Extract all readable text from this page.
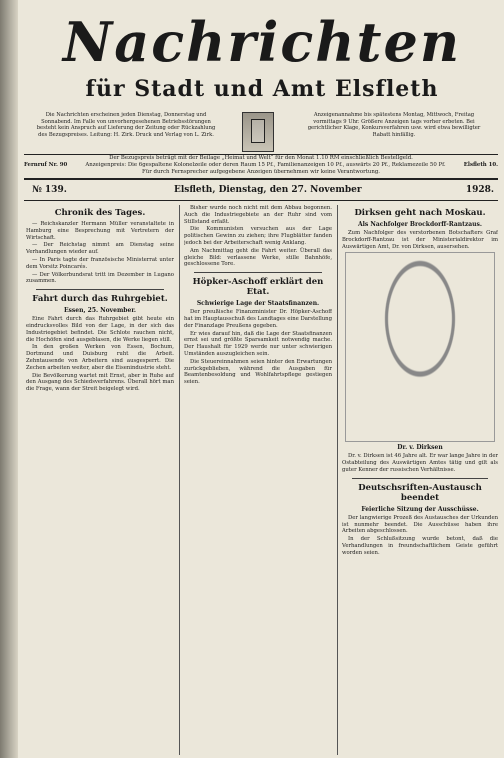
Nachrichten
für Stadt und Amt Elsfleth
Die Nachrichten erscheinen jeden Dienstag, Donnerstag und Sonnabend. Im Falle von unvorhergesehenen Betriebsstörungen besteht kein Anspruch auf Lieferung der Zeitung oder Rückzahlung des Bezugspreises. Leitung: H. Zirk. Druck und Verlag von L. Zirk.
Anzeigenannahme bis spätestens Montag, Mittwoch, Freitag vormittags 9 Uhr. Größere Anzeigen tags vorher erbeten. Bei gerichtlicher Klage, Konkursverfahren usw. wird etwa bewilligter Rabatt hinfällig.
Der Bezugspreis beträgt mit der Beilage „Heimat und Welt“ für den Monat 1.10 RM einschließlich Bestellgeld.
Fernruf Nr. 90	Elsfleth 10.
Anzeigenpreis: Die 6gespaltene Kolonelzeile oder deren Raum 15 Pf., Familienanzeigen 10 Pf., auswärts 20 Pf., Reklamezeile 50 Pf.
Für durch Fernsprecher aufgegebene Anzeigen übernehmen wir keine Verantwortung.
№ 139.	Elsfleth, Dienstag, den 27. November	1928.
Chronik des Tages.

— Reichskanzler Hermann Müller veranstaltete in Hamburg eine Besprechung mit Vertretern der Wirtschaft.

— Der Reichstag nimmt am Dienstag seine Verhandlungen wieder auf.

— In Paris tagte der französische Ministerrat unter dem Vorsitz Poincarés.

— Der Völkerbundsrat tritt im Dezember in Lugano zusammen.

Fahrt durch das Ruhrgebiet.
Essen, 25. November.

Eine Fahrt durch das Ruhrgebiet gibt heute ein eindrucksvolles Bild von der Lage, in der sich das Industriegebiet befindet. Die Schlote rauchen nicht, die Hochöfen sind ausgeblasen, die Werke liegen still.

In den großen Werken von Essen, Bochum, Dortmund und Duisburg ruht die Arbeit. Zehntausende von Arbeitern sind ausgesperrt. Die Zechen arbeiten weiter, aber die Eisenindustrie steht.

Die Bevölkerung wartet mit Ernst, aber in Ruhe auf den Ausgang des Schiedsverfahrens. Überall hört man die Frage, wann der Streit beigelegt wird.

Bisher wurde noch nicht mit dem Abbau begonnen. Auch die Industriegebiete an der Ruhr sind vom Stillstand erfaßt.

Die Kommunisten versuchen aus der Lage politischen Gewinn zu ziehen; ihre Flugblätter fanden jedoch bei der Arbeiterschaft wenig Anklang.

Am Nachmittag geht die Fahrt weiter. Überall das gleiche Bild: verlassene Werke, stille Bahnhöfe, geschlossene Tore.

Höpker-Aschoff erklärt den Etat.
Schwierige Lage der Staatsfinanzen.

Der preußische Finanzminister Dr. Höpker-Aschoff hat im Hauptausschuß des Landtages eine Darstellung der Finanzlage Preußens gegeben.

Er wies darauf hin, daß die Lage der Staatsfinanzen ernst sei und größte Sparsamkeit notwendig mache. Der Haushalt für 1929 werde nur unter schwierigen Umständen auszugleichen sein.

Die Steuereinnahmen seien hinter den Erwartungen zurückgeblieben, während die Ausgaben für Beamtenbesoldung und Wohlfahrtspflege gestiegen seien.

Dirksen geht nach Moskau.
Als Nachfolger Brockdorff-Rantzaus.

Zum Nachfolger des verstorbenen Botschafters Graf Brockdorff-Rantzau ist der Ministerialdirektor im Auswärtigen Amt, Dr. von Dirksen, ausersehen.

Dr. v. Dirksen

Dr. v. Dirksen ist 46 Jahre alt. Er war lange Jahre in der Ostabteilung des Auswärtigen Amtes tätig und gilt als guter Kenner der russischen Verhältnisse.

Deutschsriften-Austausch beendet
Feierliche Sitzung der Ausschüsse.

Der langwierige Prozeß des Austausches der Urkunden ist nunmehr beendet. Die Ausschüsse haben ihre Arbeiten abgeschlossen.

In der Schlußsitzung wurde betont, daß die Verhandlungen in freundschaftlichem Geiste geführt worden seien.
